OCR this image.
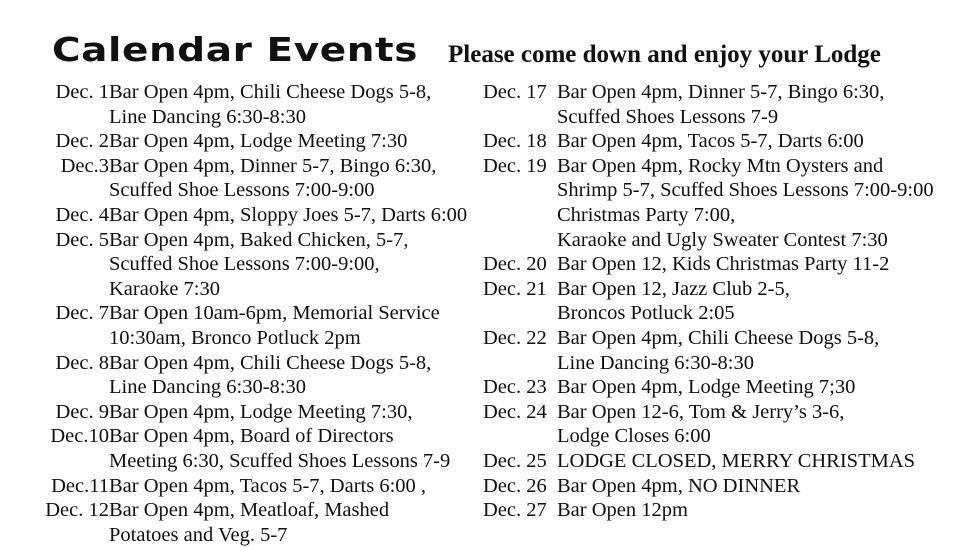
Calendar Events Please come down and enjoy your Lodge
Dec. 1 Bar Open 4pm, Chili Cheese Dogs 5-8,
Line Dancing 6:30-8:30
Dec. 2 Bar Open 4pm, Lodge Meeting 7:30
Dec.3 Bar Open 4pm, Dinner 5-7, Bingo 6:30,
Scuffed Shoe Lessons 7:00-9:00
Dec. 4 Bar Open 4pm, Sloppy Joes 5-7, Darts 6:00
Dec. 5 Bar Open 4pm, Baked Chicken, 5-7,
Scuffed Shoe Lessons 7:00-9:00,
Karaoke 7:30
Dec. 7 Bar Open 10am-6pm, Memorial Service
10:30am, Bronco Potluck 2pm
Dec. 8 Bar Open 4pm, Chili Cheese Dogs 5-8,
Line Dancing 6:30-8:30
Dec. 9 Bar Open 4pm, Lodge Meeting 7:30,
Dec.10 Bar Open 4pm, Board of Directors
Meeting 6:30, Scuffed Shoes Lessons 7-9
Dec.11 Bar Open 4pm, Tacos 5-7, Darts 6:00 ,
Dec. 12 Bar Open 4pm, Meatloaf, Mashed
Potatoes and Veg. 5-7
Dec. 17 Bar Open 4pm, Dinner 5-7, Bingo 6:30,
Scuffed Shoes Lessons 7-9
Dec. 18 Bar Open 4pm, Tacos 5-7, Darts 6:00
Dec. 19 Bar Open 4pm, Rocky Mtn Oysters and
Shrimp 5-7, Scuffed Shoes Lessons 7:00-9:00
Christmas Party 7:00,
Karaoke and Ugly Sweater Contest 7:30
Dec. 20 Bar Open 12, Kids Christmas Party 11-2
Dec. 21 Bar Open 12, Jazz Club 2-5,
Broncos Potluck 2:05
Dec. 22 Bar Open 4pm, Chili Cheese Dogs 5-8,
Line Dancing 6:30-8:30
Dec. 23 Bar Open 4pm, Lodge Meeting 7;30
Dec. 24 Bar Open 12-6, Tom & Jerry’s 3-6,
Lodge Closes 6:00
Dec. 25 LODGE CLOSED, MERRY CHRISTMAS
Dec. 26 Bar Open 4pm, NO DINNER
Dec. 27 Bar Open 12pm
